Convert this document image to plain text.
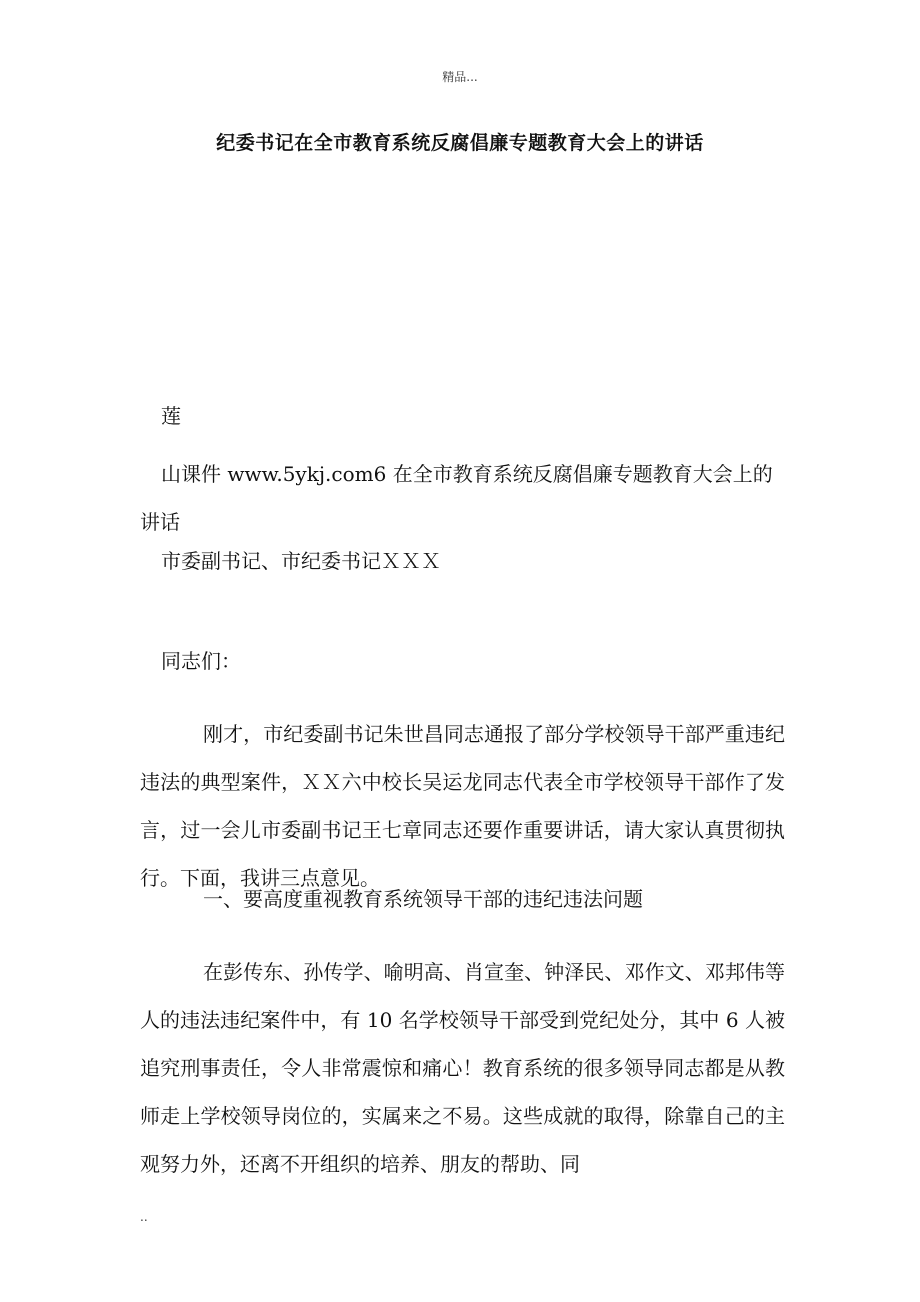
精品...
纪委书记在全市教育系统反腐倡廉专题教育大会上的讲话
莲
山课件 www.5ykj.com6 在全市教育系统反腐倡廉专题教育大会上的讲话
市委副书记、市纪委书记ＸＸＸ
同志们：

刚才，市纪委副书记朱世昌同志通报了部分学校领导干部严重违纪违法的典型案件，ＸＸ六中校长吴运龙同志代表全市学校领导干部作了发言，过一会儿市委副书记王七章同志还要作重要讲话，请大家认真贯彻执行。下面，我讲三点意见。

一、要高度重视教育系统领导干部的违纪违法问题

在彭传东、孙传学、喻明高、肖宣奎、钟泽民、邓作文、邓邦伟等人的违法违纪案件中，有 10 名学校领导干部受到党纪处分，其中 6 人被追究刑事责任，令人非常震惊和痛心！教育系统的很多领导同志都是从教师走上学校领导岗位的，实属来之不易。这些成就的取得，除靠自己的主观努力外，还离不开组织的培养、朋友的帮助、同

..
